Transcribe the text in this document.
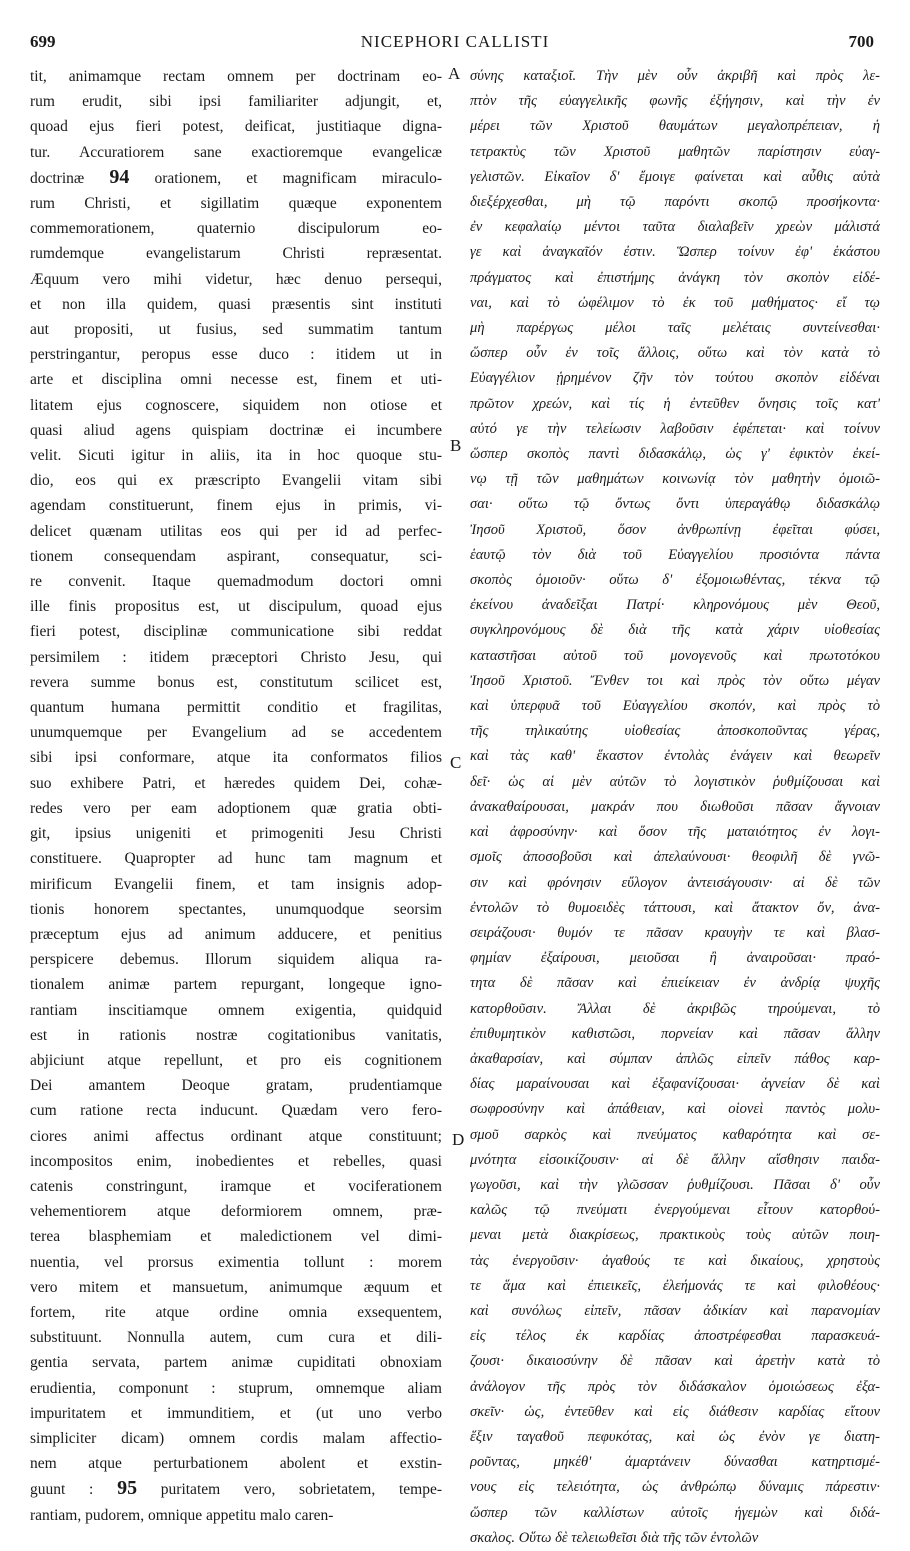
699	NICEPHORI CALLISTI	700
tit, animamque rectam omnem per doctrinam eo-
rum erudit, sibi ipsi familiariter adjungit, et,
quoad ejus fieri potest, deificat, justitiaque digna-
tur. Accuratiorem sane exactioremque evangelicæ
doctrinæ 94 orationem, et magnificam miraculo-
rum Christi, et sigillatim quæque exponentem
commemorationem, quaternio discipulorum eo-
rumdemque evangelistarum Christi repræsentat.
Æquum vero mihi videtur, hæc denuo persequi,
et non illa quidem, quasi præsentis sint instituti
aut propositi, ut fusius, sed summatim tantum
perstringantur, peropus esse duco : itidem ut in
arte et disciplina omni necesse est, finem et uti-
litatem ejus cognoscere, siquidem non otiose et
quasi aliud agens quispiam doctrinæ ei incumbere
velit. Sicuti igitur in aliis, ita in hoc quoque stu-
dio, eos qui ex præscripto Evangelii vitam sibi
agendam constituerunt, finem ejus in primis, vi-
delicet quænam utilitas eos qui per id ad perfec-
tionem consequendam aspirant, consequatur, sci-
re convenit. Itaque quemadmodum doctori omni
ille finis propositus est, ut discipulum, quoad ejus
fieri potest, disciplinæ communicatione sibi reddat
persimilem : itidem præceptori Christo Jesu, qui
revera summe bonus est, constitutum scilicet est,
quantum humana permittit conditio et fragilitas,
unumquemque per Evangelium ad se accedentem
sibi ipsi conformare, atque ita conformatos filios
suo exhibere Patri, et hæredes quidem Dei, cohæ-
redes vero per eam adoptionem quæ gratia obti-
git, ipsius unigeniti et primogeniti Jesu Christi
constituere. Quapropter ad hunc tam magnum et
mirificum Evangelii finem, et tam insignis adop-
tionis honorem spectantes, unumquodque seorsim
præceptum ejus ad animum adducere, et penitius
perspicere debemus. Illorum siquidem aliqua ra-
tionalem animæ partem repurgant, longeque igno-
rantiam inscitiamque omnem exigentia, quidquid
est in rationis nostræ cogitationibus vanitatis,
abjiciunt atque repellunt, et pro eis cognitionem
Dei amantem Deoque gratam, prudentiamque
cum ratione recta inducunt. Quædam vero fero-
ciores animi affectus ordinant atque constituunt;
incompositos enim, inobedientes et rebelles, quasi
catenis constringunt, iramque et vociferationem
vehementiorem atque deformiorem omnem, præ-
terea blasphemiam et maledictionem vel dimi-
nuentia, vel prorsus eximentia tollunt : morem
vero mitem et mansuetum, animumque æquum et
fortem, rite atque ordine omnia exsequentem,
substituunt. Nonnulla autem, cum cura et dili-
gentia servata, partem animæ cupiditati obnoxiam
erudientia, componunt : stuprum, omnemque aliam
impuritatem et immunditiem, et (ut uno verbo
simpliciter dicam) omnem cordis malam affectio-
nem atque perturbationem abolent et exstin-
guunt : 95 puritatem vero, sobrietatem, tempe-
rantiam, pudorem, omnique appetitu malo caren-
A
B
C
D
σύνης καταξιοῖ. Τὴν μὲν οὖν ἀκριβῆ καὶ πρὸς λε-
πτὸν τῆς εὐαγγελικῆς φωνῆς ἐξήγησιν, καὶ τὴν ἐν
μέρει τῶν Χριστοῦ θαυμάτων μεγαλοπρέπειαν, ἡ
τετρακτὺς τῶν Χριστοῦ μαθητῶν παρίστησιν εὐαγ-
γελιστῶν. Εἰκαῖον δ' ἔμοιγε φαίνεται καὶ αὖθις αὐτὰ
διεξέρχεσθαι, μὴ τῷ παρόντι σκοπῷ προσήκοντα·
ἐν κεφαλαίῳ μέντοι ταῦτα διαλαβεῖν χρεὼν μάλιστά
γε καὶ ἀναγκαῖόν ἐστιν. Ὥσπερ τοίνυν ἐφ' ἑκάστου
πράγματος καὶ ἐπιστήμης ἀνάγκη τὸν σκοπὸν εἰδέ-
ναι, καὶ τὸ ὠφέλιμον τὸ ἐκ τοῦ μαθήματος· εἴ τῳ
μὴ παρέργως μέλοι ταῖς μελέταις συντείνεσθαι·
ὥσπερ οὖν ἐν τοῖς ἄλλοις, οὕτω καὶ τὸν κατὰ τὸ
Εὐαγγέλιον ᾑρημένον ζῆν τὸν τούτου σκοπὸν εἰδέναι
πρῶτον χρεών, καὶ τίς ἡ ἐντεῦθεν ὄνησις τοῖς κατ'
αὐτό γε τὴν τελείωσιν λαβοῦσιν ἐφέπεται· καὶ τοίνυν
ὥσπερ σκοπὸς παντὶ διδασκάλῳ, ὡς γ' ἐφικτὸν ἐκεί-
νῳ τῇ τῶν μαθημάτων κοινωνίᾳ τὸν μαθητὴν ὁμοιῶ-
σαι· οὕτω τῷ ὄντως ὄντι ὑπεραγάθῳ διδασκάλῳ
Ἰησοῦ Χριστοῦ, ὅσον ἀνθρωπίνῃ ἐφεῖται φύσει,
ἑαυτῷ τὸν διὰ τοῦ Εὐαγγελίου προσιόντα πάντα
σκοπὸς ὁμοιοῦν· οὕτω δ' ἐξομοιωθέντας, τέκνα τῷ
ἐκείνου ἀναδεῖξαι Πατρί· κληρονόμους μὲν Θεοῦ,
συγκληρονόμους δὲ διὰ τῆς κατὰ χάριν υἱοθεσίας
καταστῆσαι αὐτοῦ τοῦ μονογενοῦς καὶ πρωτοτόκου
Ἰησοῦ Χριστοῦ. Ἔνθεν τοι καὶ πρὸς τὸν οὕτω μέγαν
καὶ ὑπερφυᾶ τοῦ Εὐαγγελίου σκοπόν, καὶ πρὸς τὸ
τῆς τηλικαύτης υἱοθεσίας ἀποσκοποῦντας γέρας,
καὶ τὰς καθ' ἕκαστον ἐντολὰς ἐνάγειν καὶ θεωρεῖν
δεῖ· ὡς αἱ μὲν αὐτῶν τὸ λογιστικὸν ῥυθμίζουσαι καὶ
ἀνακαθαίρουσαι, μακράν που διωθοῦσι πᾶσαν ἄγνοιαν
καὶ ἀφροσύνην· καὶ ὅσον τῆς ματαιότητος ἐν λογι-
σμοῖς ἀποσοβοῦσι καὶ ἀπελαύνουσι· θεοφιλῆ δὲ γνῶ-
σιν καὶ φρόνησιν εὔλογον ἀντεισάγουσιν· αἱ δὲ τῶν
ἐντολῶν τὸ θυμοειδὲς τάττουσι, καὶ ἄτακτον ὄν, ἀνα-
σειράζουσι· θυμόν τε πᾶσαν κραυγὴν τε καὶ βλασ-
φημίαν ἐξαίρουσι, μειοῦσαι ἢ ἀναιροῦσαι· πραό-
τητα δὲ πᾶσαν καὶ ἐπιείκειαν ἐν ἀνδρίᾳ ψυχῆς
κατορθοῦσιν. Ἄλλαι δὲ ἀκριβῶς τηρούμεναι, τὸ
ἐπιθυμητικὸν καθιστῶσι, πορνείαν καὶ πᾶσαν ἄλλην
ἀκαθαρσίαν, καὶ σύμπαν ἁπλῶς εἰπεῖν πάθος καρ-
δίας μαραίνουσαι καὶ ἐξαφανίζουσαι· ἁγνείαν δὲ καὶ
σωφροσύνην καὶ ἀπάθειαν, καὶ οἱονεὶ παντὸς μολυ-
σμοῦ σαρκὸς καὶ πνεύματος καθαρότητα καὶ σε-
μνότητα εἰσοικίζουσιν· αἱ δὲ ἄλλην αἴσθησιν παιδα-
γωγοῦσι, καὶ τὴν γλῶσσαν ῥυθμίζουσι. Πᾶσαι δ' οὖν
καλῶς τῷ πνεύματι ἐνεργούμεναι εἶτουν κατορθού-
μεναι μετὰ διακρίσεως, πρακτικοὺς τοὺς αὐτῶν ποιη-
τὰς ἐνεργοῦσιν· ἀγαθούς τε καὶ δικαίους, χρηστοὺς
τε ἅμα καὶ ἐπιεικεῖς, ἐλεήμονάς τε καὶ φιλοθέους·
καὶ συνόλως εἰπεῖν, πᾶσαν ἀδικίαν καὶ παρανομίαν
εἰς τέλος ἐκ καρδίας ἀποστρέφεσθαι παρασκευά-
ζουσι· δικαιοσύνην δὲ πᾶσαν καὶ ἀρετὴν κατὰ τὸ
ἀνάλογον τῆς πρὸς τὸν διδάσκαλον ὁμοιώσεως ἐξα-
σκεῖν· ὡς, ἐντεῦθεν καὶ εἰς διάθεσιν καρδίας εἴτουν
ἕξιν ταγαθοῦ πεφυκότας, καὶ ὡς ἐνὸν γε διατη-
ροῦντας, μηκέθ' ἁμαρτάνειν δύνασθαι κατηρτισμέ-
νους εἰς τελειότητα, ὡς ἀνθρώπῳ δύναμις πάρεστιν·
ὥσπερ τῶν καλλίστων αὐτοῖς ἡγεμὼν καὶ διδά-
σκαλος. Οὕτω δὲ τελειωθεῖσι διὰ τῆς τῶν ἐντολῶν
